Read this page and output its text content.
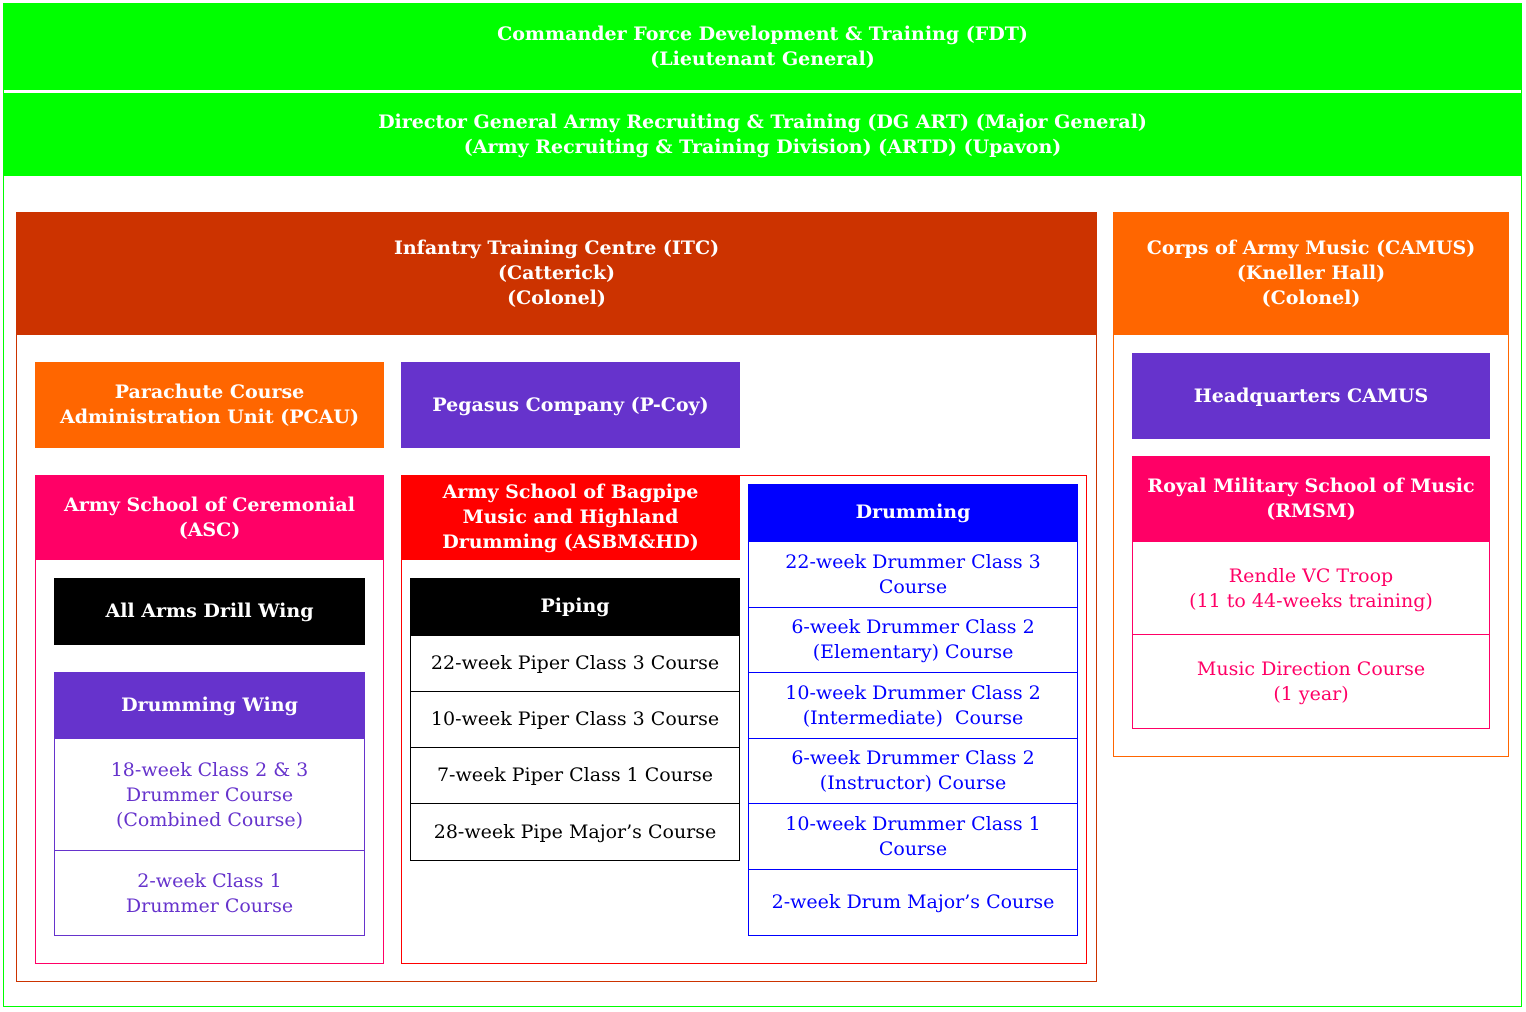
Commander Force Development & Training (FDT)
(Lieutenant General)
Director General Army Recruiting & Training (DG ART) (Major General)
(Army Recruiting & Training Division) (ARTD) (Upavon)
Infantry Training Centre (ITC)
(Catterick)
(Colonel)
Parachute Course
Administration Unit (PCAU)
Pegasus Company (P-Coy)
Army School of Ceremonial
(ASC)
All Arms Drill Wing
Drumming Wing
18-week Class 2 & 3
Drummer Course
(Combined Course)
2-week Class 1
Drummer Course
Army School of Bagpipe
Music and Highland
Drumming (ASBM&HD)
Piping
22-week Piper Class 3 Course
10-week Piper Class 3 Course
7-week Piper Class 1 Course
28-week Pipe Major’s Course
Drumming
22-week Drummer Class 3
Course
6-week Drummer Class 2
(Elementary) Course
10-week Drummer Class 2
(Intermediate)  Course
6-week Drummer Class 2
(Instructor) Course
10-week Drummer Class 1
Course
2-week Drum Major’s Course
Corps of Army Music (CAMUS)
(Kneller Hall)
(Colonel)
Headquarters CAMUS
Royal Military School of Music
(RMSM)
Rendle VC Troop
(11 to 44-weeks training)
Music Direction Course
(1 year)
